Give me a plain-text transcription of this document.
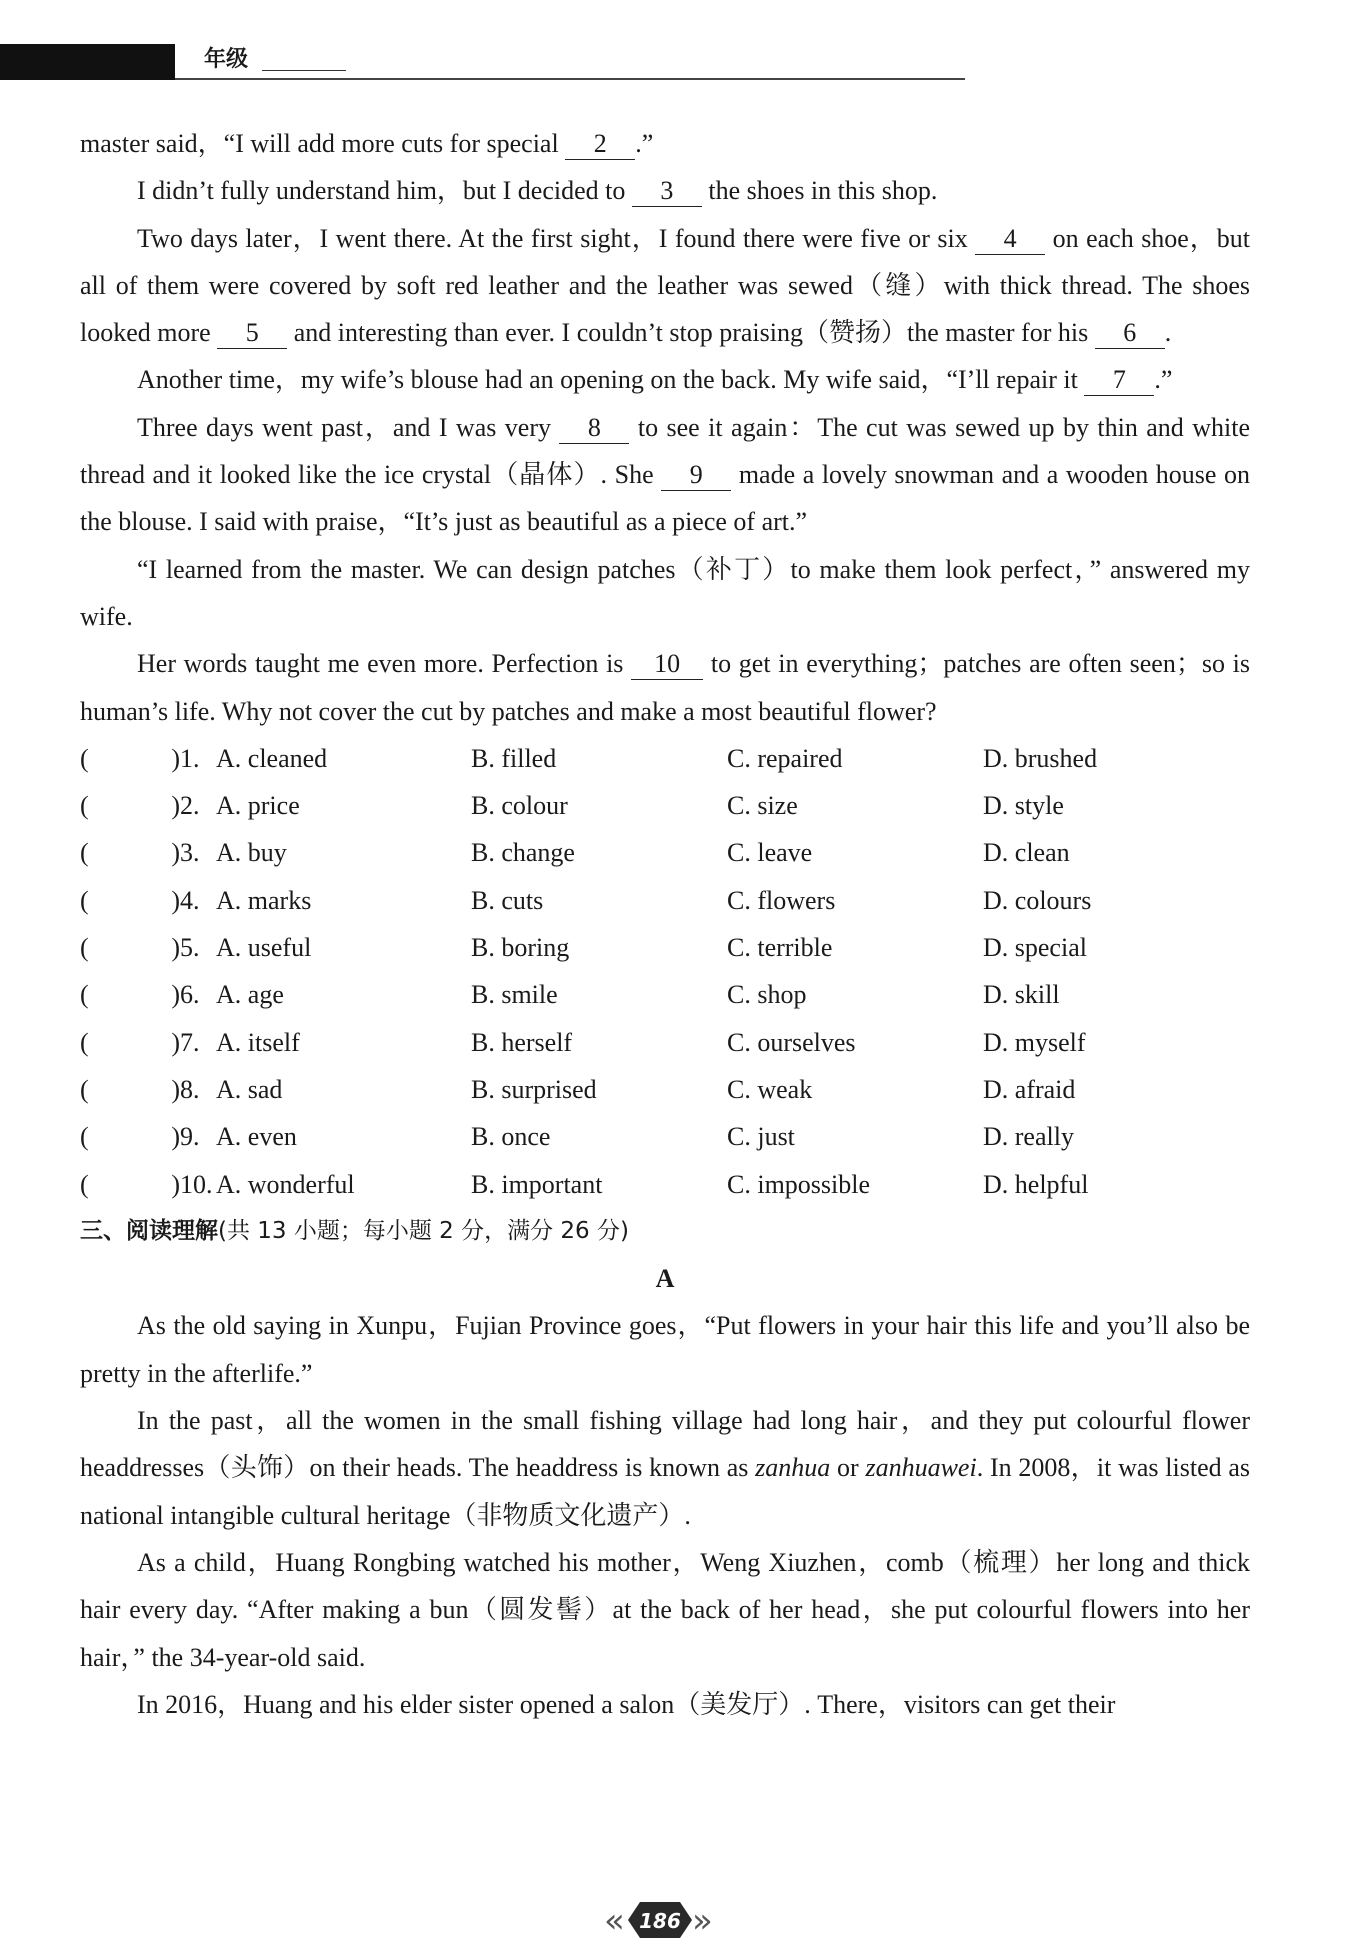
年级

master said，“I will add more cuts for special 2 .”

I didn’t fully understand him，but I decided to 3 the shoes in this shop.

Two days later，I went there. At the first sight，I found there were five or six 4 on each shoe，but all of them were covered by soft red leather and the leather was sewed（缝）with thick thread. The shoes looked more 5 and interesting than ever. I couldn’t stop praising（赞扬）the master for his 6 .

Another time，my wife’s blouse had an opening on the back. My wife said，“I’ll repair it 7 .”

Three days went past，and I was very 8 to see it again：The cut was sewed up by thin and white thread and it looked like the ice crystal（晶体）. She 9 made a lovely snowman and a wooden house on the blouse. I said with praise，“It’s just as beautiful as a piece of art.”

“I learned from the master. We can design patches（补丁）to make them look perfect，” answered my wife.

Her words taught me even more. Perfection is 10 to get in everything；patches are often seen；so is human’s life. Why not cover the cut by patches and make a most beautiful flower?

(	) 1. A. cleaned	B. filled	C. repaired	D. brushed
(	) 2. A. price	B. colour	C. size	D. style
(	) 3. A. buy	B. change	C. leave	D. clean
(	) 4. A. marks	B. cuts	C. flowers	D. colours
(	) 5. A. useful	B. boring	C. terrible	D. special
(	) 6. A. age	B. smile	C. shop	D. skill
(	) 7. A. itself	B. herself	C. ourselves	D. myself
(	) 8. A. sad	B. surprised	C. weak	D. afraid
(	) 9. A. even	B. once	C. just	D. really
(	) 10. A. wonderful	B. important	C. impossible	D. helpful
三、阅读理解(共 13 小题；每小题 2 分，满分 26 分)
A

As the old saying in Xunpu，Fujian Province goes，“Put flowers in your hair this life and you’ll also be pretty in the afterlife.”

In the past，all the women in the small fishing village had long hair，and they put colourful flower headdresses（头饰）on their heads. The headdress is known as zanhua or zanhuawei. In 2008，it was listed as national intangible cultural heritage（非物质文化遗产）.

As a child，Huang Rongbing watched his mother，Weng Xiuzhen，comb（梳理）her long and thick hair every day. “After making a bun（圆发髻）at the back of her head，she put colourful flowers into her hair，” the 34-year-old said.

In 2016，Huang and his elder sister opened a salon（美发厅）. There，visitors can get their

« »
186
